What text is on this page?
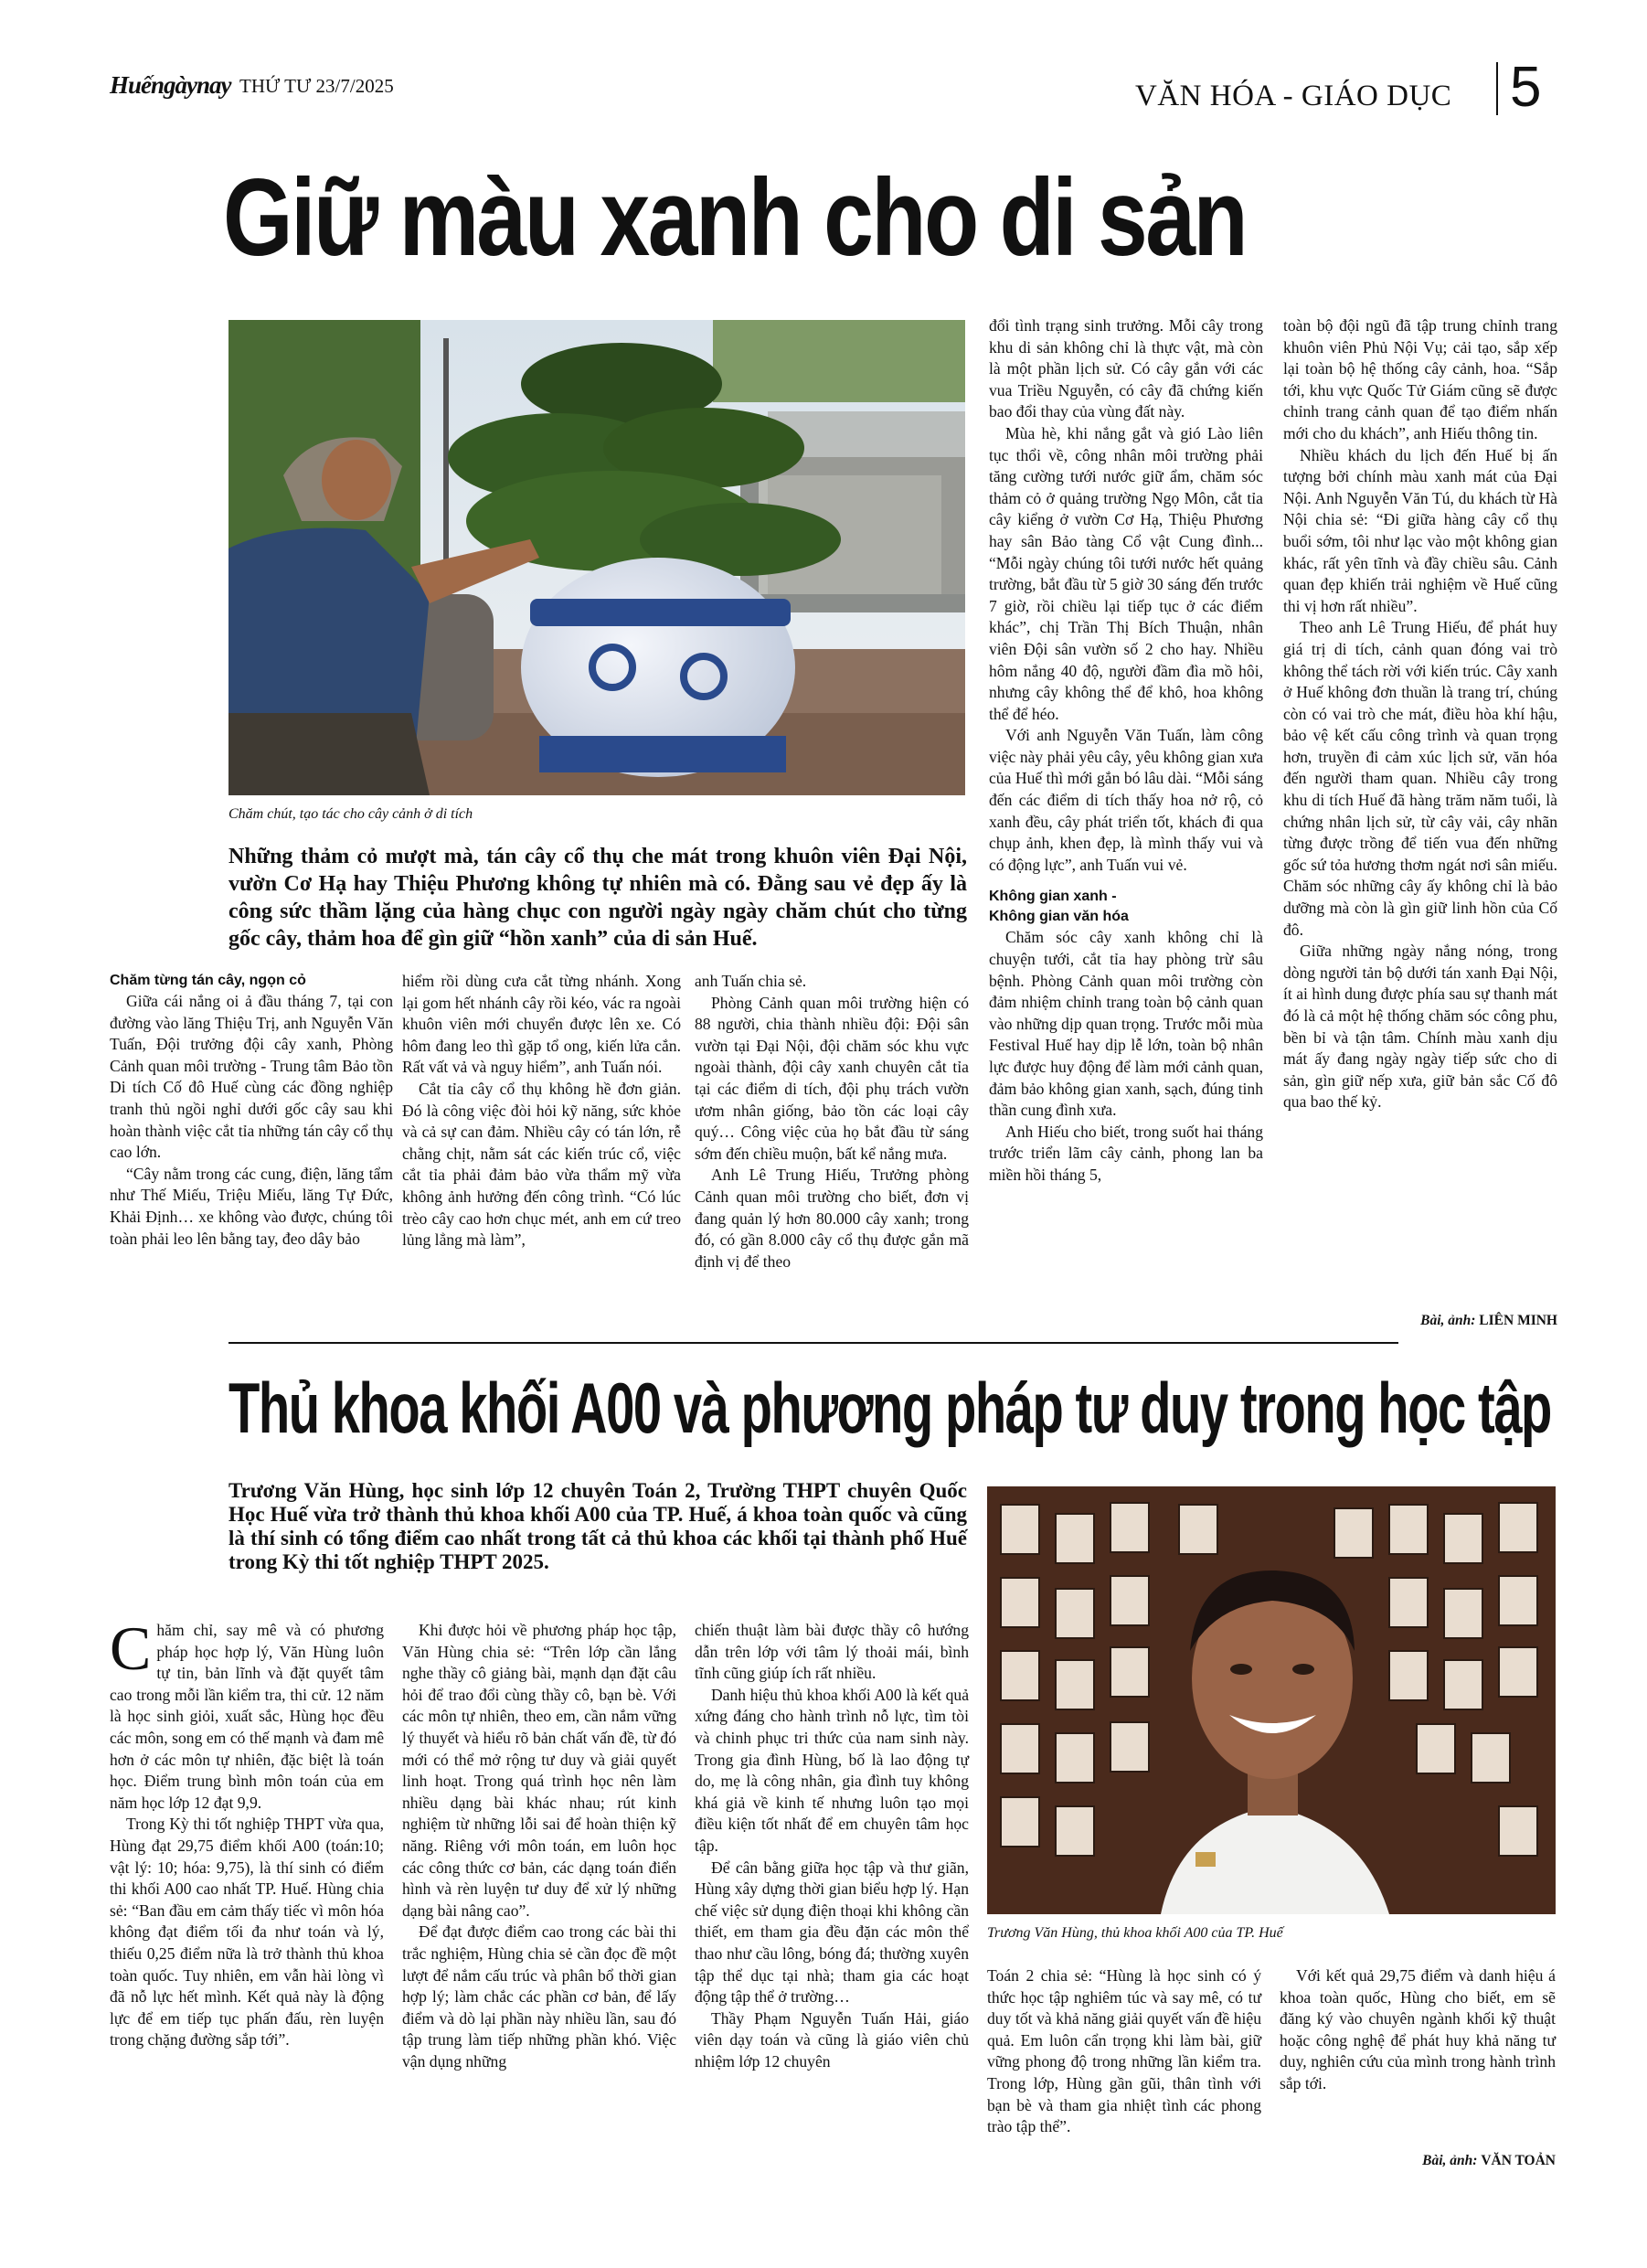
Huếngàynay THỨ TƯ 23/7/2025	VĂN HÓA - GIÁO DỤC 5
Giữ màu xanh cho di sản
Chăm chút, tạo tác cho cây cảnh ở di tích

đổi tình trạng sinh trưởng. Mỗi cây trong khu di sản không chỉ là thực vật, mà còn là một phần lịch sử. Có cây gắn với các vua Triều Nguyễn, có cây đã chứng kiến bao đổi thay của vùng đất này.

Mùa hè, khi nắng gắt và gió Lào liên tục thổi về, công nhân môi trường phải tăng cường tưới nước giữ ẩm, chăm sóc thảm cỏ ở quảng trường Ngọ Môn, cắt tỉa cây kiểng ở vườn Cơ Hạ, Thiệu Phương hay sân Bảo tàng Cổ vật Cung đình... “Mỗi ngày chúng tôi tưới nước hết quảng trường, bắt đầu từ 5 giờ 30 sáng đến trước 7 giờ, rồi chiều lại tiếp tục ở các điểm khác”, chị Trần Thị Bích Thuận, nhân viên Đội sân vườn số 2 cho hay. Nhiều hôm nắng 40 độ, người đầm đìa mồ hôi, nhưng cây không thể để khô, hoa không thể để héo.

Với anh Nguyễn Văn Tuấn, làm công việc này phải yêu cây, yêu không gian xưa của Huế thì mới gắn bó lâu dài. “Mỗi sáng đến các điểm di tích thấy hoa nở rộ, cỏ xanh đều, cây phát triển tốt, khách đi qua chụp ảnh, khen đẹp, là mình thấy vui và có động lực”, anh Tuấn vui vẻ.

Không gian xanh -

Không gian văn hóa

Chăm sóc cây xanh không chỉ là chuyện tưới, cắt tỉa hay phòng trừ sâu bệnh. Phòng Cảnh quan môi trường còn đảm nhiệm chỉnh trang toàn bộ cảnh quan vào những dịp quan trọng. Trước mỗi mùa Festival Huế hay dịp lễ lớn, toàn bộ nhân lực được huy động để làm mới cảnh quan, đảm bảo không gian xanh, sạch, đúng tinh thần cung đình xưa.

Anh Hiếu cho biết, trong suốt hai tháng trước triển lãm cây cảnh, phong lan ba miền hồi tháng 5,

toàn bộ đội ngũ đã tập trung chỉnh trang khuôn viên Phủ Nội Vụ; cải tạo, sắp xếp lại toàn bộ hệ thống cây cảnh, hoa. “Sắp tới, khu vực Quốc Tử Giám cũng sẽ được chỉnh trang cảnh quan để tạo điểm nhấn mới cho du khách”, anh Hiếu thông tin.

Nhiều khách du lịch đến Huế bị ấn tượng bởi chính màu xanh mát của Đại Nội. Anh Nguyễn Văn Tú, du khách từ Hà Nội chia sẻ: “Đi giữa hàng cây cổ thụ buổi sớm, tôi như lạc vào một không gian khác, rất yên tĩnh và đầy chiều sâu. Cảnh quan đẹp khiến trải nghiệm về Huế cũng thi vị hơn rất nhiều”.

Theo anh Lê Trung Hiếu, để phát huy giá trị di tích, cảnh quan đóng vai trò không thể tách rời với kiến trúc. Cây xanh ở Huế không đơn thuần là trang trí, chúng còn có vai trò che mát, điều hòa khí hậu, bảo vệ kết cấu công trình và quan trọng hơn, truyền đi cảm xúc lịch sử, văn hóa đến người tham quan. Nhiều cây trong khu di tích Huế đã hàng trăm năm tuổi, là chứng nhân lịch sử, từ cây vải, cây nhãn từng được trồng để tiến vua đến những gốc sứ tỏa hương thơm ngát nơi sân miếu. Chăm sóc những cây ấy không chỉ là bảo dưỡng mà còn là gìn giữ linh hồn của Cố đô.

Giữa những ngày nắng nóng, trong dòng người tản bộ dưới tán xanh Đại Nội, ít ai hình dung được phía sau sự thanh mát đó là cả một hệ thống chăm sóc công phu, bền bỉ và tận tâm. Chính màu xanh dịu mát ấy đang ngày ngày tiếp sức cho di sản, gìn giữ nếp xưa, giữ bản sắc Cố đô qua bao thế kỷ.

Những thảm cỏ mượt mà, tán cây cổ thụ che mát trong khuôn viên Đại Nội, vườn Cơ Hạ hay Thiệu Phương không tự nhiên mà có. Đằng sau vẻ đẹp ấy là công sức thầm lặng của hàng chục con người ngày ngày chăm chút cho từng gốc cây, thảm hoa để gìn giữ “hồn xanh” của di sản Huế.

Chăm từng tán cây, ngọn cỏ

Giữa cái nắng oi ả đầu tháng 7, tại con đường vào lăng Thiệu Trị, anh Nguyễn Văn Tuấn, Đội trưởng đội cây xanh, Phòng Cảnh quan môi trường - Trung tâm Bảo tồn Di tích Cố đô Huế cùng các đồng nghiệp tranh thủ ngồi nghỉ dưới gốc cây sau khi hoàn thành việc cắt tỉa những tán cây cổ thụ cao lớn.

“Cây nằm trong các cung, điện, lăng tẩm như Thế Miếu, Triệu Miếu, lăng Tự Đức, Khải Định… xe không vào được, chúng tôi toàn phải leo lên bằng tay, đeo dây bảo

hiểm rồi dùng cưa cắt từng nhánh. Xong lại gom hết nhánh cây rồi kéo, vác ra ngoài khuôn viên mới chuyển được lên xe. Có hôm đang leo thì gặp tổ ong, kiến lửa cắn. Rất vất vả và nguy hiểm”, anh Tuấn nói.

Cắt tỉa cây cổ thụ không hề đơn giản. Đó là công việc đòi hỏi kỹ năng, sức khỏe và cả sự can đảm. Nhiều cây có tán lớn, rễ chằng chịt, nằm sát các kiến trúc cổ, việc cắt tỉa phải đảm bảo vừa thẩm mỹ vừa không ảnh hưởng đến công trình. “Có lúc trèo cây cao hơn chục mét, anh em cứ treo lủng lẳng mà làm”,

anh Tuấn chia sẻ.

Phòng Cảnh quan môi trường hiện có 88 người, chia thành nhiều đội: Đội sân vườn tại Đại Nội, đội chăm sóc khu vực ngoài thành, đội cây xanh chuyên cắt tỉa tại các điểm di tích, đội phụ trách vườn ươm nhân giống, bảo tồn các loại cây quý… Công việc của họ bắt đầu từ sáng sớm đến chiều muộn, bất kể nắng mưa.

Anh Lê Trung Hiếu, Trưởng phòng Cảnh quan môi trường cho biết, đơn vị đang quản lý hơn 80.000 cây xanh; trong đó, có gần 8.000 cây cổ thụ được gắn mã định vị để theo

Bài, ảnh: LIÊN MINH
Thủ khoa khối A00 và phương pháp tư duy trong học tập
Trương Văn Hùng, học sinh lớp 12 chuyên Toán 2, Trường THPT chuyên Quốc Học Huế vừa trở thành thủ khoa khối A00 của TP. Huế, á khoa toàn quốc và cũng là thí sinh có tổng điểm cao nhất trong tất cả thủ khoa các khối tại thành phố Huế trong Kỳ thi tốt nghiệp THPT 2025.
Trương Văn Hùng, thủ khoa khối A00 của TP. Huế

Chăm chỉ, say mê và có phương pháp học hợp lý, Văn Hùng luôn tự tin, bản lĩnh và đặt quyết tâm cao trong mỗi lần kiểm tra, thi cử. 12 năm là học sinh giỏi, xuất sắc, Hùng học đều các môn, song em có thế mạnh và đam mê hơn ở các môn tự nhiên, đặc biệt là toán học. Điểm trung bình môn toán của em năm học lớp 12 đạt 9,9.

Trong Kỳ thi tốt nghiệp THPT vừa qua, Hùng đạt 29,75 điểm khối A00 (toán:10; vật lý: 10; hóa: 9,75), là thí sinh có điểm thi khối A00 cao nhất TP. Huế. Hùng chia sẻ: “Ban đầu em cảm thấy tiếc vì môn hóa không đạt điểm tối đa như toán và lý, thiếu 0,25 điểm nữa là trở thành thủ khoa toàn quốc. Tuy nhiên, em vẫn hài lòng vì đã nỗ lực hết mình. Kết quả này là động lực để em tiếp tục phấn đấu, rèn luyện trong chặng đường sắp tới”.

Khi được hỏi về phương pháp học tập, Văn Hùng chia sẻ: “Trên lớp cần lắng nghe thầy cô giảng bài, mạnh dạn đặt câu hỏi để trao đổi cùng thầy cô, bạn bè. Với các môn tự nhiên, theo em, cần nắm vững lý thuyết và hiểu rõ bản chất vấn đề, từ đó mới có thể mở rộng tư duy và giải quyết linh hoạt. Trong quá trình học nên làm nhiều dạng bài khác nhau; rút kinh nghiệm từ những lỗi sai để hoàn thiện kỹ năng. Riêng với môn toán, em luôn học các công thức cơ bản, các dạng toán điển hình và rèn luyện tư duy để xử lý những dạng bài nâng cao”.

Để đạt được điểm cao trong các bài thi trắc nghiệm, Hùng chia sẻ cần đọc đề một lượt để nắm cấu trúc và phân bổ thời gian hợp lý; làm chắc các phần cơ bản, để lấy điểm và dò lại phần này nhiều lần, sau đó tập trung làm tiếp những phần khó. Việc vận dụng những

chiến thuật làm bài được thầy cô hướng dẫn trên lớp với tâm lý thoải mái, bình tĩnh cũng giúp ích rất nhiều.

Danh hiệu thủ khoa khối A00 là kết quả xứng đáng cho hành trình nỗ lực, tìm tòi và chinh phục tri thức của nam sinh này. Trong gia đình Hùng, bố là lao động tự do, mẹ là công nhân, gia đình tuy không khá giả về kinh tế nhưng luôn tạo mọi điều kiện tốt nhất để em chuyên tâm học tập.

Để cân bằng giữa học tập và thư giãn, Hùng xây dựng thời gian biểu hợp lý. Hạn chế việc sử dụng điện thoại khi không cần thiết, em tham gia đều đặn các môn thể thao như cầu lông, bóng đá; thường xuyên tập thể dục tại nhà; tham gia các hoạt động tập thể ở trường…

Thầy Phạm Nguyễn Tuấn Hải, giáo viên dạy toán và cũng là giáo viên chủ nhiệm lớp 12 chuyên

Toán 2 chia sẻ: “Hùng là học sinh có ý thức học tập nghiêm túc và say mê, có tư duy tốt và khả năng giải quyết vấn đề hiệu quả. Em luôn cẩn trọng khi làm bài, giữ vững phong độ trong những lần kiểm tra. Trong lớp, Hùng gần gũi, thân tình với bạn bè và tham gia nhiệt tình các phong trào tập thể”.

Với kết quả 29,75 điểm và danh hiệu á khoa toàn quốc, Hùng cho biết, em sẽ đăng ký vào chuyên ngành khối kỹ thuật hoặc công nghệ để phát huy khả năng tư duy, nghiên cứu của mình trong hành trình sắp tới.

Bài, ảnh: VĂN TOẢN
